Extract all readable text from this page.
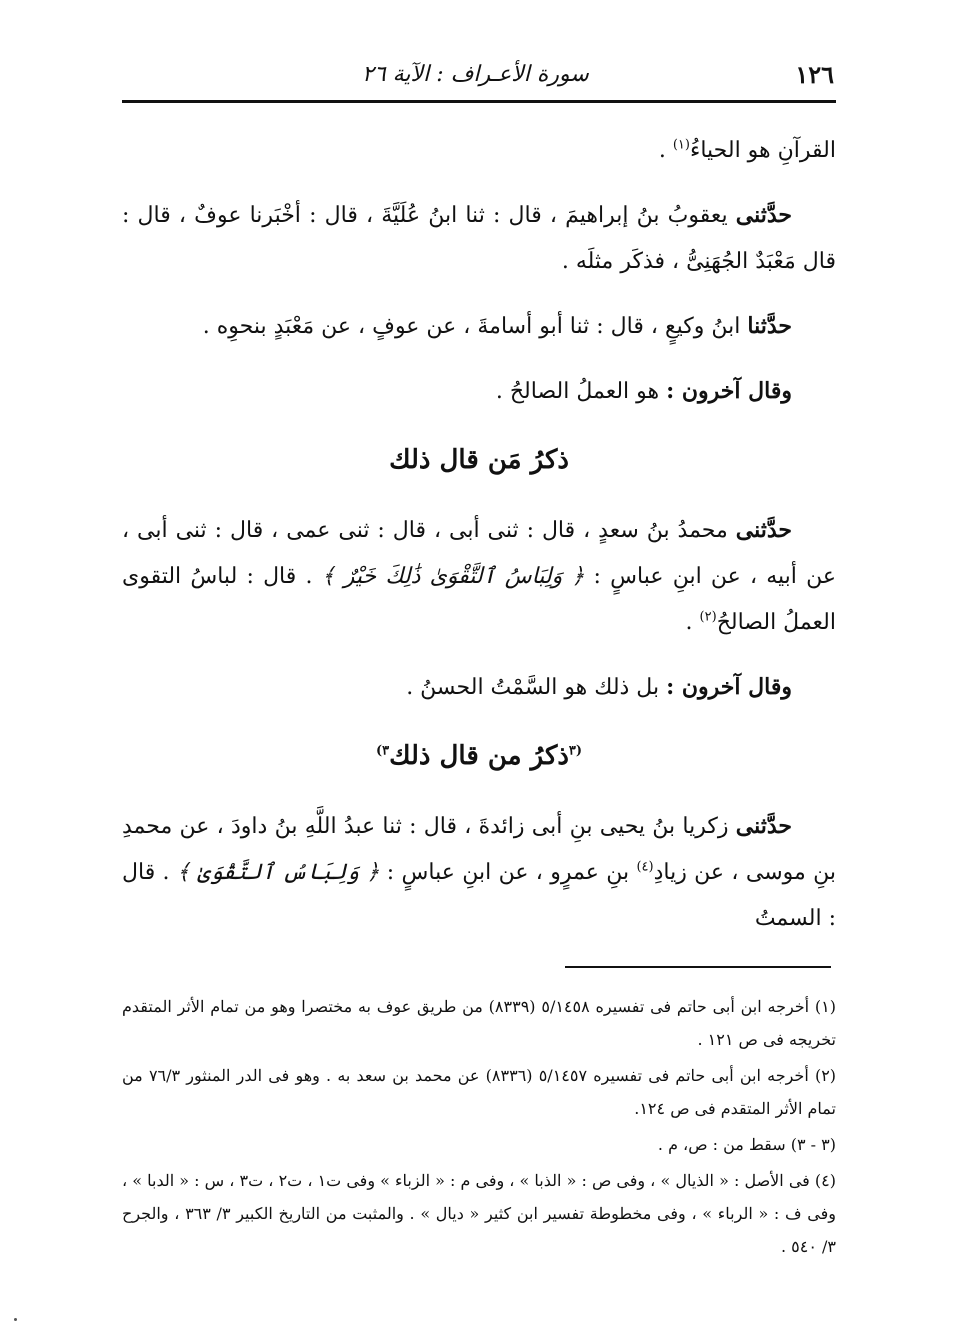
١٢٦
سورة الأعـراف : الآية ٢٦

القرآنِ هو الحياءُ$^{(١)}$ .

حدَّثنى يعقوبُ بنُ إبراهيمَ ، قال : ثنا ابنُ عُلَيَّةَ ، قال : أخْبَرنا عوفٌ ، قال : قال مَعْبَدٌ الجُهَنِىُّ ، فذكَر مثلَه .

حدَّثنا ابنُ وكيعٍ ، قال : ثنا أبو أسامةَ ، عن عوفٍ ، عن مَعْبَدٍ بنحوِه .

وقال آخرون : هو العملُ الصالحُ .

ذكرُ مَن قال ذلك

حدَّثنى محمدُ بنُ سعدٍ ، قال : ثنى أبى ، قال : ثنى عمى ، قال : ثنى أبى ، عن أبيه ، عن ابنِ عباسٍ : ﴿ وَلِبَاسُ ٱلتَّقْوَىٰ ذَٰلِكَ خَيْرٌ ﴾ . قال : لباسُ التقوى العملُ الصالحُ$^{(٢)}$ .

وقال آخرون : بل ذلك هو السَّمْتُ الحسنُ .

$^{(٣}$ذكرُ من قال ذلك$^{٣)}$

حدَّثنى زكريا بنُ يحيى بنِ أبى زائدةَ ، قال : ثنا عبدُ اللَّهِ بنُ داودَ ، عن محمدِ بنِ موسى ، عن زيادِ$^{(٤)}$ بنِ عمرٍو ، عن ابنِ عباسٍ : ﴿ وَلِبَاسُ ٱلتَّقْوَىٰ ﴾ . قال : السمتُ

(١) أخرجه ابن أبى حاتم فى تفسيره ٥/١٤٥٨ (٨٣٣٩) من طريق عوف به مختصرا وهو من تمام الأثر المتقدم تخريجه فى ص ١٢١ .

(٢) أخرجه ابن أبى حاتم فى تفسيره ٥/١٤٥٧ (٨٣٣٦) عن محمد بن سعد به . وهو فى الدر المنثور ٧٦/٣ من تمام الأثر المتقدم فى ص ١٢٤.

(٣ - ٣) سقط من : ص، م .

(٤) فى الأصل : « الذيال » ، وفى ص : « الذبا » ، وفى م : « الزباء » وفى ت١ ، ت٢ ، ت٣ ، س : « الدبا » ، وفى ف : « الرباء » ، وفى مخطوطة تفسير ابن كثير « ديال » . والمثبت من التاريخ الكبير ٣/ ٣٦٣ ، والجرح ٣/ ٥٤٠ .
